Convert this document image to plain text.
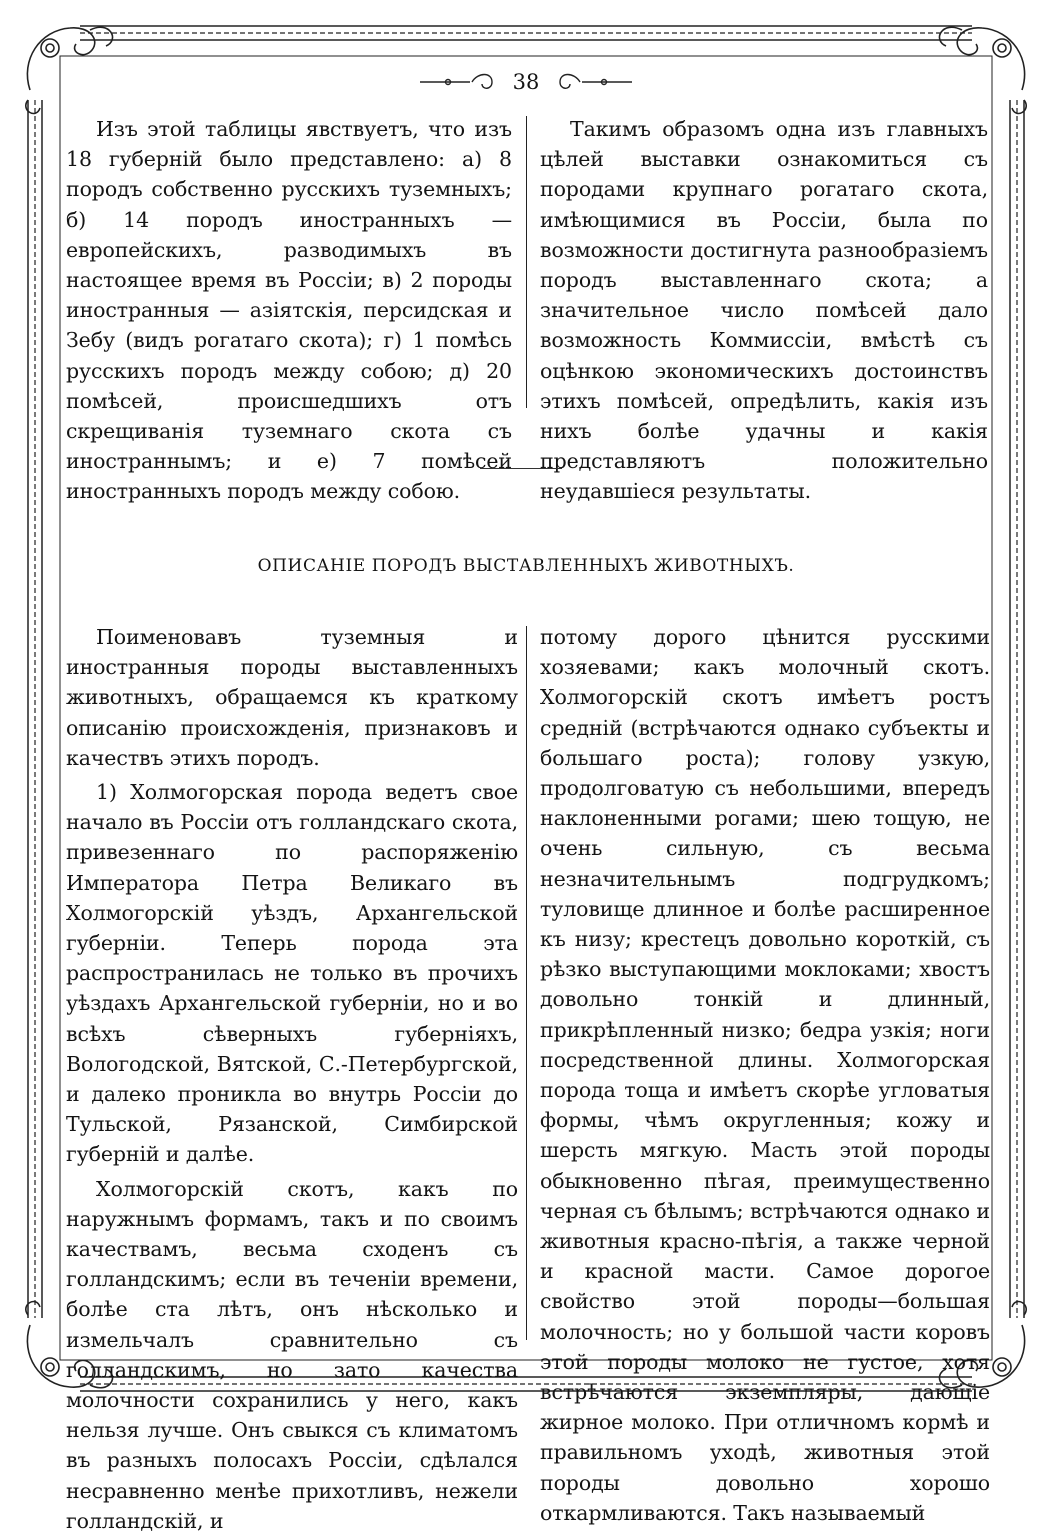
38

Изъ этой таблицы явствуетъ, что изъ 18 губерній было представлено: а) 8 породъ собственно русскихъ туземныхъ; б) 14 породъ иностранныхъ — европейскихъ, разводимыхъ въ настоящее время въ Россіи; в) 2 породы иностранныя — азіятскія, персидская и Зебу (видъ рогатаго скота); г) 1 помѣсь русскихъ породъ между собою; д) 20 помѣсей, происшедшихъ отъ скрещиванія туземнаго скота съ иностраннымъ; и е) 7 помѣсей иностранныхъ породъ между собою.

Такимъ образомъ одна изъ главныхъ цѣлей выставки ознакомиться съ породами крупнаго рогатаго скота, имѣющимися въ Россіи, была по возможности достигнута разнообразіемъ породъ выставленнаго скота; а значительное число помѣсей дало возможность Коммиссіи, вмѣстѣ съ оцѣнкою экономическихъ достоинствъ этихъ помѣсей, опредѣлить, какія изъ нихъ болѣе удачны и какія представляютъ положительно неудавшіеся результаты.

ОПИСАНІЕ ПОРОДЪ ВЫСТАВЛЕННЫХЪ ЖИВОТНЫХЪ.

Поименовавъ туземныя и иностранныя породы выставленныхъ животныхъ, обращаемся къ краткому описанію происхожденія, признаковъ и качествъ этихъ породъ.

1) Холмогорская порода ведетъ свое начало въ Россіи отъ голландскаго скота, привезеннаго по распоряженію Императора Петра Великаго въ Холмогорскій уѣздъ, Архангельской губерніи. Теперь порода эта распространилась не только въ прочихъ уѣздахъ Архангельской губерніи, но и во всѣхъ сѣверныхъ губерніяхъ, Вологодской, Вятской, С.-Петербургской, и далеко проникла во внутрь Россіи до Тульской, Рязанской, Симбирской губерній и далѣе.

Холмогорскій скотъ, какъ по наружнымъ формамъ, такъ и по своимъ качествамъ, весьма сходенъ съ голландскимъ; если въ теченіи времени, болѣе ста лѣтъ, онъ нѣсколько и измельчалъ сравнительно съ голландскимъ, но зато качества молочности сохранились у него, какъ нельзя лучше. Онъ свыкся съ климатомъ въ разныхъ полосахъ Россіи, сдѣлался несравненно менѣе прихотливъ, нежели голландскій, и

потому дорого цѣнится русскими хозяевами; какъ молочный скотъ. Холмогорскій скотъ имѣетъ ростъ средній (встрѣчаются однако субъекты и большаго роста); голову узкую, продолговатую съ небольшими, впередъ наклоненными рогами; шею тощую, не очень сильную, съ весьма незначительнымъ подгрудкомъ; туловище длинное и болѣе расширенное къ низу; крестецъ довольно короткій, съ рѣзко выступающими моклоками; хвостъ довольно тонкій и длинный, прикрѣпленный низко; бедра узкія; ноги посредственной длины. Холмогорская порода тоща и имѣетъ скорѣе угловатыя формы, чѣмъ округленныя; кожу и шерсть мягкую. Масть этой породы обыкновенно пѣгая, преимущественно черная съ бѣлымъ; встрѣчаются однако и животныя красно-пѣгія, а также черной и красной масти. Самое дорогое свойство этой породы—большая молочность; но у большой части коровъ этой породы молоко не густое, хотя встрѣчаются экземпляры, дающіе жирное молоко. При отличномъ кормѣ и правильномъ уходѣ, животныя этой породы довольно хорошо откармливаются. Такъ называемый
